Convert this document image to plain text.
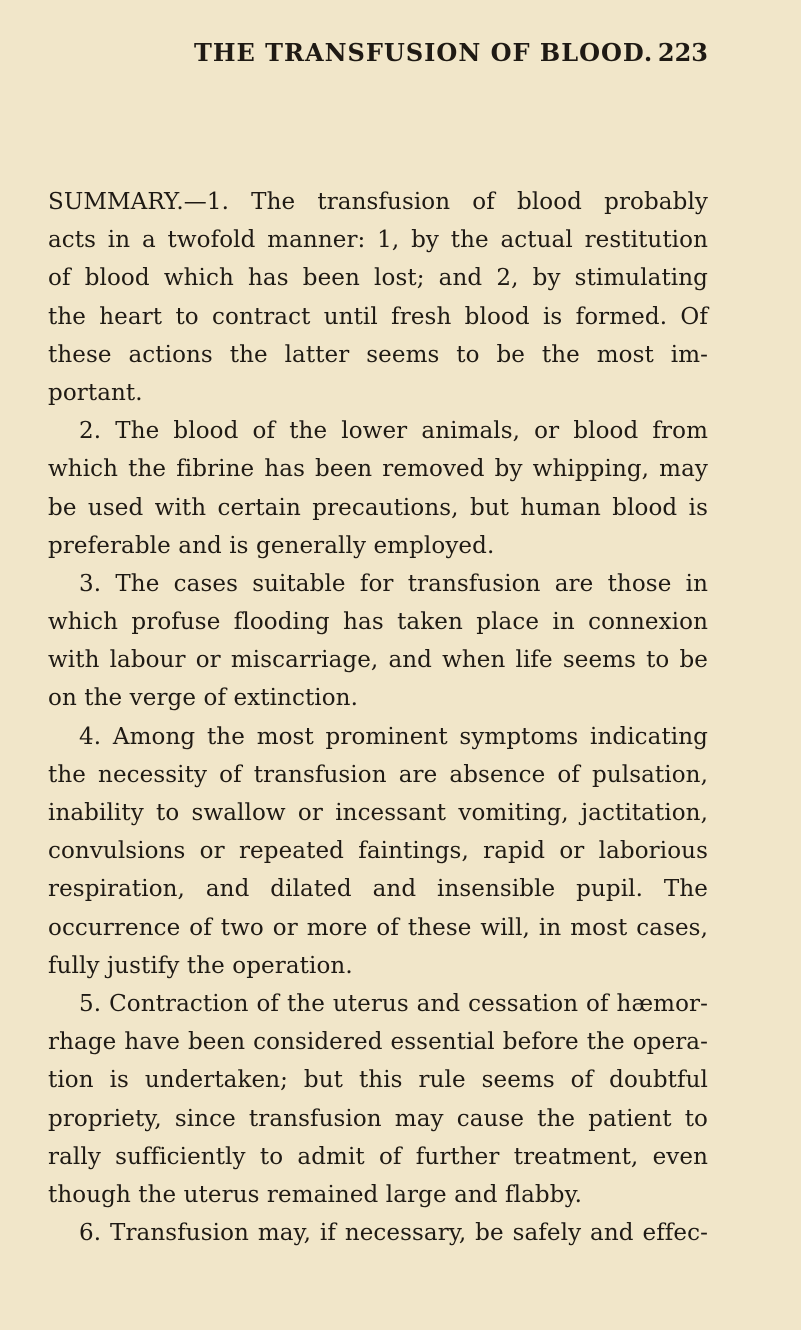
THE TRANSFUSION OF BLOOD. 223
SUMMARY.—1. The transfusion of blood probably
acts in a twofold manner: 1, by the actual restitution
of blood which has been lost; and 2, by stimulating
the heart to contract until fresh blood is formed. Of
these actions the latter seems to be the most im-
portant.
2. The blood of the lower animals, or blood from
which the fibrine has been removed by whipping, may
be used with certain precautions, but human blood is
preferable and is generally employed.
3. The cases suitable for transfusion are those in
which profuse flooding has taken place in connexion
with labour or miscarriage, and when life seems to be
on the verge of extinction.
4. Among the most prominent symptoms indicating
the necessity of transfusion are absence of pulsation,
inability to swallow or incessant vomiting, jactitation,
convulsions or repeated faintings, rapid or laborious
respiration, and dilated and insensible pupil. The
occurrence of two or more of these will, in most cases,
fully justify the operation.
5. Contraction of the uterus and cessation of hæmor-
rhage have been considered essential before the opera-
tion is undertaken; but this rule seems of doubtful
propriety, since transfusion may cause the patient to
rally sufficiently to admit of further treatment, even
though the uterus remained large and flabby.
6. Transfusion may, if necessary, be safely and effec-
